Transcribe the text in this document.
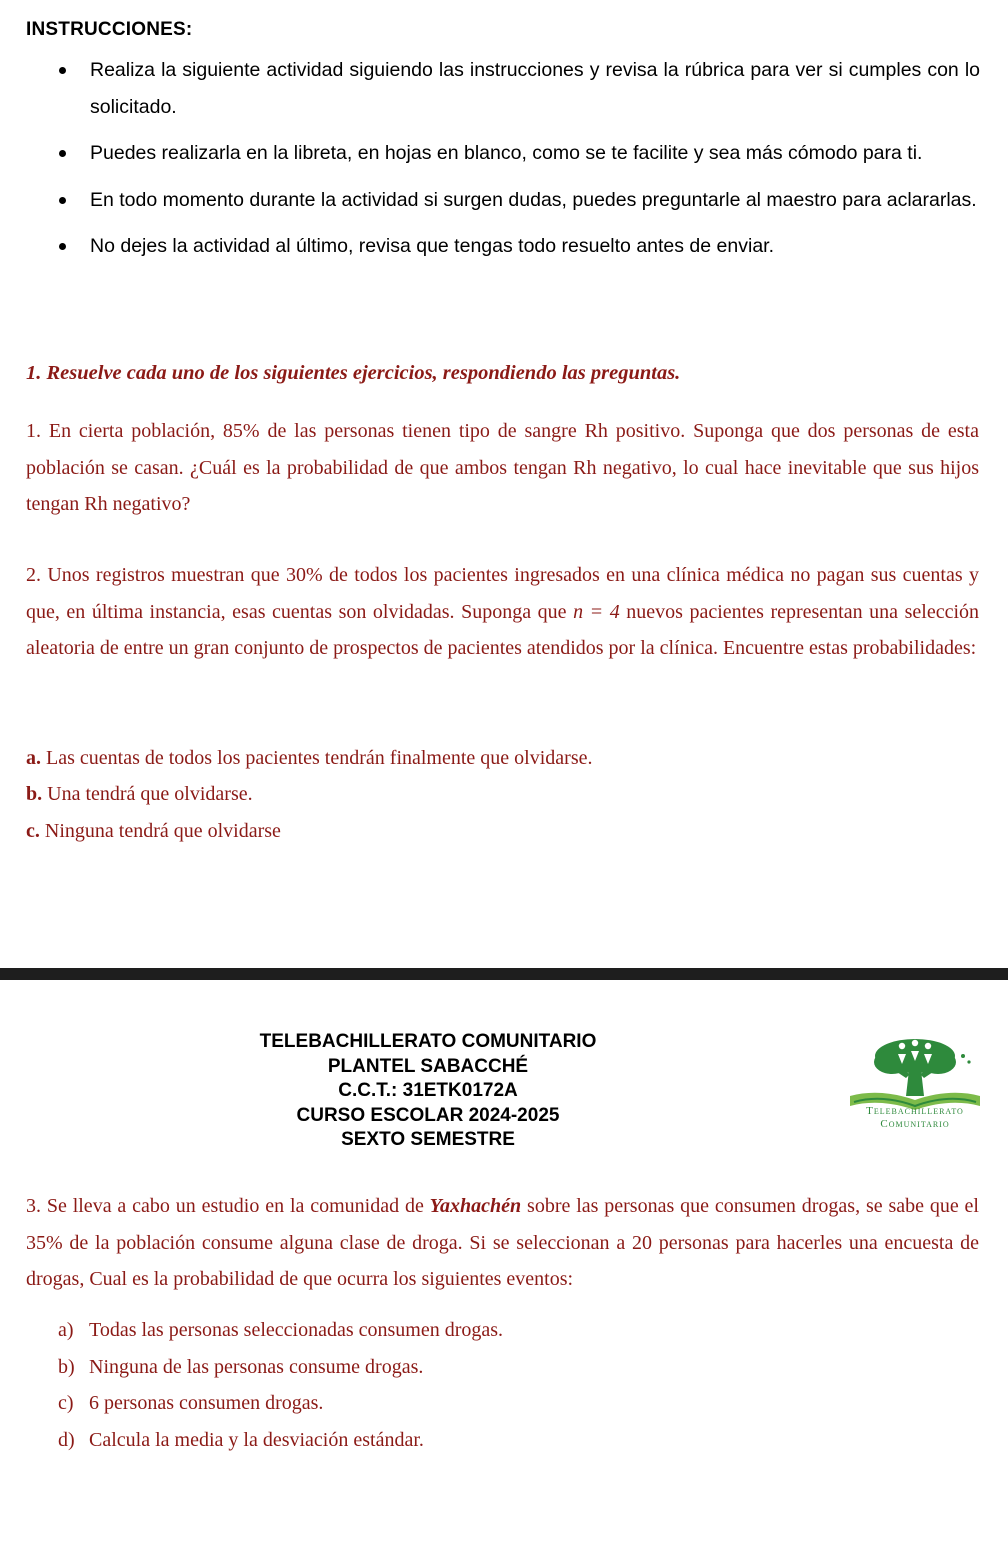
INSTRUCCIONES:
Realiza la siguiente actividad siguiendo las instrucciones y revisa la rúbrica para ver si cumples con lo solicitado.
Puedes realizarla en la libreta, en hojas en blanco, como se te facilite y sea más cómodo para ti.
En todo momento durante la actividad si surgen dudas, puedes preguntarle al maestro para aclararlas.
No dejes la actividad al último, revisa que tengas todo resuelto antes de enviar.
1. Resuelve cada uno de los siguientes ejercicios, respondiendo las preguntas.
1. En cierta población, 85% de las personas tienen tipo de sangre Rh positivo. Suponga que dos personas de esta población se casan. ¿Cuál es la probabilidad de que ambos tengan Rh negativo, lo cual hace inevitable que sus hijos tengan Rh negativo?
2. Unos registros muestran que 30% de todos los pacientes ingresados en una clínica médica no pagan sus cuentas y que, en última instancia, esas cuentas son olvidadas. Suponga que n = 4 nuevos pacientes representan una selección aleatoria de entre un gran conjunto de prospectos de pacientes atendidos por la clínica. Encuentre estas probabilidades:
a. Las cuentas de todos los pacientes tendrán finalmente que olvidarse.
b. Una tendrá que olvidarse.
c. Ninguna tendrá que olvidarse
TELEBACHILLERATO COMUNITARIO
PLANTEL SABACCHÉ
C.C.T.: 31ETK0172A
CURSO ESCOLAR 2024-2025
SEXTO SEMESTRE
Telebachillerato
Comunitario
3. Se lleva a cabo un estudio en la comunidad de Yaxhachén sobre las personas que consumen drogas, se sabe que el 35% de la población consume alguna clase de droga. Si se seleccionan a 20 personas para hacerles una encuesta de drogas, Cual es la probabilidad de que ocurra los siguientes eventos:
a) Todas las personas seleccionadas consumen drogas.
b) Ninguna de las personas consume drogas.
c) 6 personas consumen drogas.
d) Calcula la media y la desviación estándar.
